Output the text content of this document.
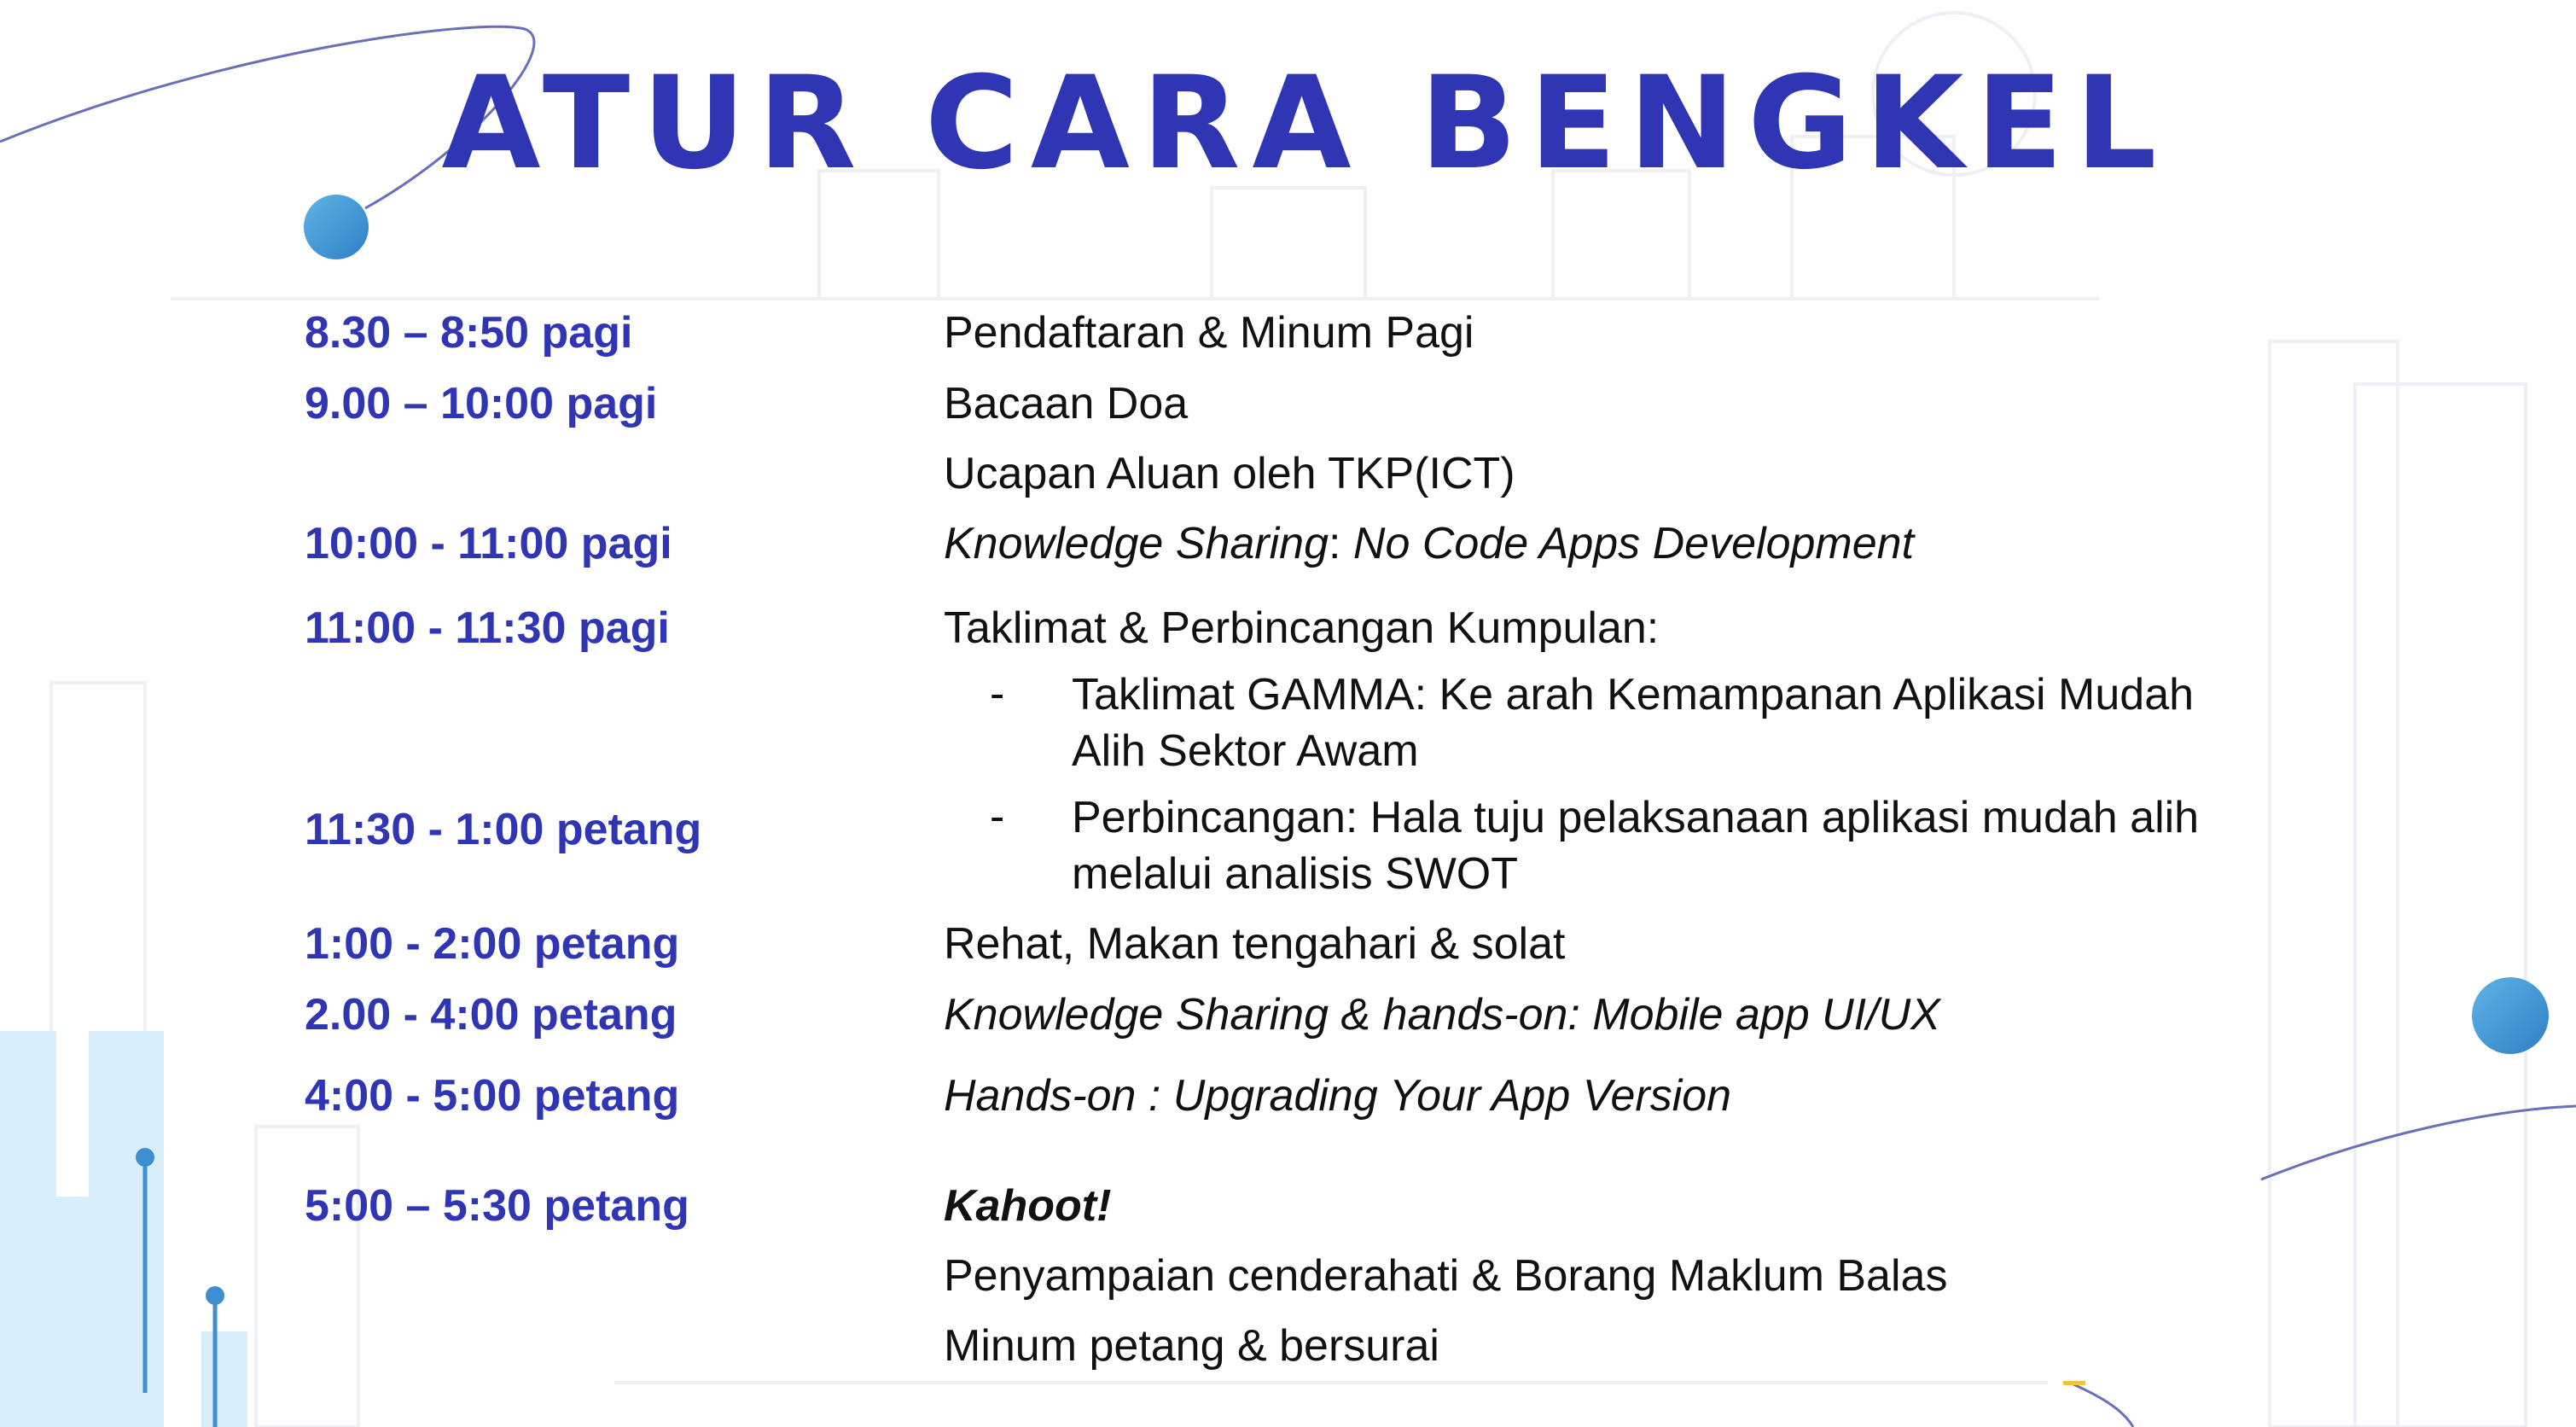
ATUR CARA BENGKEL
8.30 – 8:50 pagi	Pendaftaran & Minum Pagi
9.00 – 10:00 pagi	Bacaan Doa
Ucapan Aluan oleh TKP(ICT)
10:00 - 11:00 pagi	Knowledge Sharing: No Code Apps Development
11:00 - 11:30 pagi	Taklimat & Perbincangan Kumpulan:
- Taklimat GAMMA: Ke arah Kemampanan Aplikasi Mudah Alih Sektor Awam
11:30 - 1:00 petang	- Perbincangan: Hala tuju pelaksanaan aplikasi mudah alih melalui analisis SWOT
1:00 - 2:00 petang	Rehat, Makan tengahari & solat
2.00 - 4:00 petang	Knowledge Sharing & hands-on: Mobile app UI/UX
4:00 - 5:00 petang	Hands-on : Upgrading Your App Version
5:00 – 5:30 petang	Kahoot!
Penyampaian cenderahati & Borang Maklum Balas
Minum petang & bersurai
